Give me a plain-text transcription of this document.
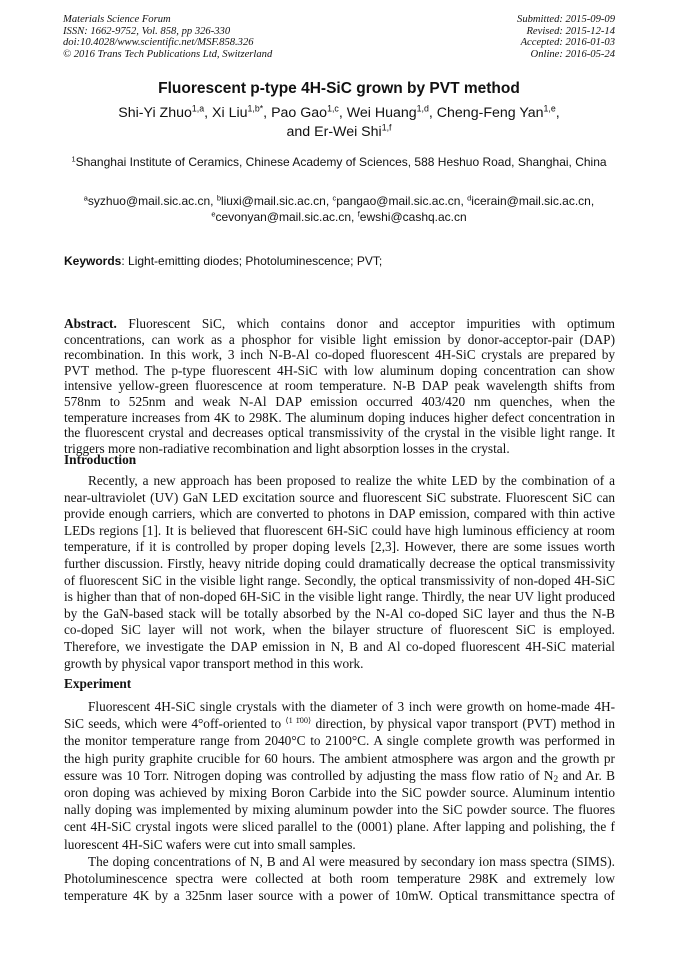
Materials Science Forum
ISSN: 1662-9752, Vol. 858, pp 326-330
doi:10.4028/www.scientific.net/MSF.858.326
© 2016 Trans Tech Publications Ltd, Switzerland
Submitted: 2015-09-09
Revised: 2015-12-14
Accepted: 2016-01-03
Online: 2016-05-24
Fluorescent p-type 4H-SiC grown by PVT method
Shi-Yi Zhuo$^{1,a}$, Xi Liu$^{1,b*}$, Pao Gao$^{1,c}$, Wei Huang$^{1,d}$, Cheng-Feng Yan$^{1,e}$,
and Er-Wei Shi$^{1,f}$
$^1$Shanghai Institute of Ceramics, Chinese Academy of Sciences, 588 Heshuo Road, Shanghai, China
$^a$syzhuo@mail.sic.ac.cn, $^b$liuxi@mail.sic.ac.cn, $^c$pangao@mail.sic.ac.cn, $^d$icerain@mail.sic.ac.cn,
$^e$cevonyan@mail.sic.ac.cn, $^f$ewshi@cashq.ac.cn
Keywords: Light-emitting diodes; Photoluminescence; PVT;
Abstract. Fluorescent SiC, which contains donor and acceptor impurities with optimum
concentrations, can work as a phosphor for visible light emission by donor-acceptor-pair (DAP)
recombination. In this work, 3 inch N-B-Al co-doped fluorescent 4H-SiC crystals are prepared by
PVT method. The p-type fluorescent 4H-SiC with low aluminum doping concentration can show
intensive yellow-green fluorescence at room temperature. N-B DAP peak wavelength shifts from
578nm to 525nm and weak N-Al DAP emission occurred 403/420 nm quenches, when the
temperature increases from 4K to 298K. The aluminum doping induces higher defect concentration in
the fluorescent crystal and decreases optical transmissivity of the crystal in the visible light range. It
triggers more non-radiative recombination and light absorption losses in the crystal.
Introduction
Recently, a new approach has been proposed to realize the white LED by the combination of a
near-ultraviolet (UV) GaN LED excitation source and fluorescent SiC substrate. Fluorescent SiC can
provide enough carriers, which are converted to photons in DAP emission, compared with thin active
LEDs regions [1]. It is believed that fluorescent 6H-SiC could have high luminous efficiency at room
temperature, if it is controlled by proper doping levels [2,3]. However, there are some issues worth
further discussion. Firstly, heavy nitride doping could dramatically decrease the optical transmissivity
of fluorescent SiC in the visible light range. Secondly, the optical transmissivity of non-doped 4H-SiC
is higher than that of non-doped 6H-SiC in the visible light range. Thirdly, the near UV light produced
by the GaN-based stack will be totally absorbed by the N-Al co-doped SiC layer and thus the N-B
co-doped SiC layer will not work, when the bilayer structure of fluorescent SiC is employed.
Therefore, we investigate the DAP emission in N, B and Al co-doped fluorescent 4H-SiC material
growth by physical vapor transport method in this work.
Experiment
Fluorescent 4H-SiC single crystals with the diameter of 3 inch were growth on home-made 4H-
SiC seeds, which were 4°off-oriented to $^{⟨1 1̄00⟩}$ direction, by physical vapor transport (PVT) method in
the monitor temperature range from 2040°C to 2100°C. A single complete growth was performed in
the high purity graphite crucible for 60 hours. The ambient atmosphere was argon and the growth pr
essure was 10 Torr. Nitrogen doping was controlled by adjusting the mass flow ratio of $N_2$ and Ar. B
oron doping was achieved by mixing Boron Carbide into the SiC powder source. Aluminum intentio
nally doping was implemented by mixing aluminum powder into the SiC powder source. The fluores
cent 4H-SiC crystal ingots were sliced parallel to the (0001) plane. After lapping and polishing, the f
luorescent 4H-SiC wafers were cut into small samples.
The doping concentrations of N, B and Al were measured by secondary ion mass spectra (SIMS).
Photoluminescence spectra were collected at both room temperature 298K and extremely low
temperature 4K by a 325nm laser source with a power of 10mW. Optical transmittance spectra of
